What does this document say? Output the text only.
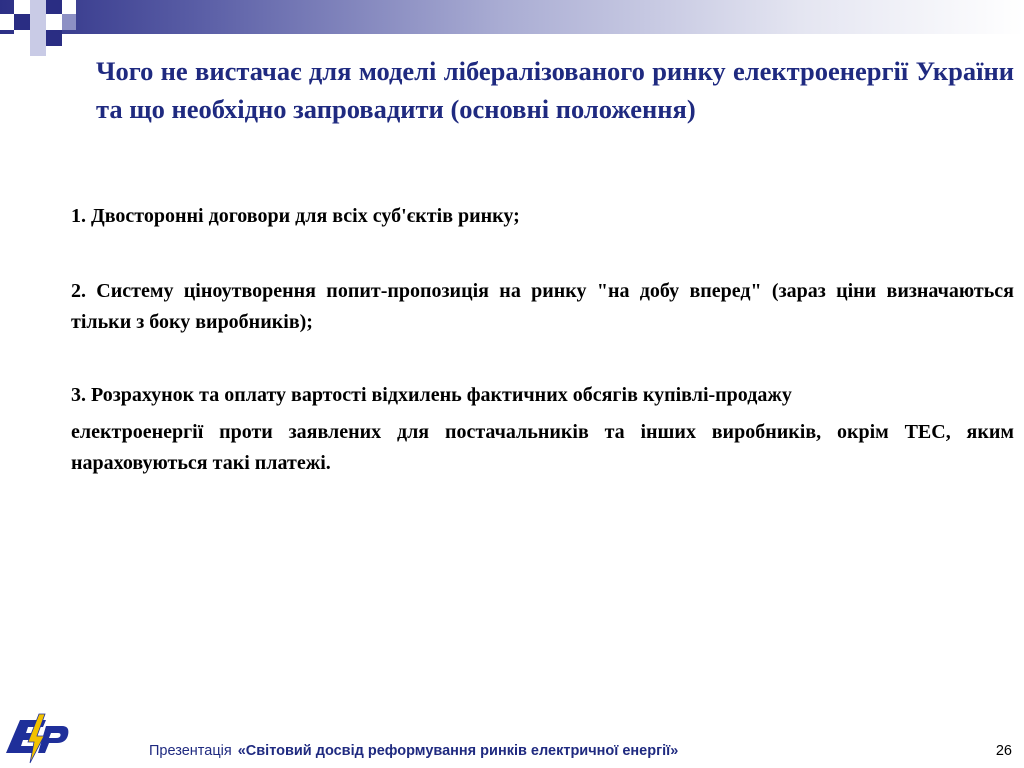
Чого не вистачає для моделі лібералізованого ринку електроенергії України та що необхідно запровадити (основні положення)

1. Двосторонні договори для всіх суб'єктів ринку;

2. Систему ціноутворення попит-пропозиція на ринку "на добу вперед" (зараз ціни визначаються тільки з боку виробників);

3. Розрахунок та оплату вартості відхилень фактичних обсягів купівлі-продажу

електроенергії проти заявлених для постачальників та інших виробників, окрім ТЕС, яким нараховуються такі платежі.

Презентація «Світовий досвід реформування ринків електричної енергії»	26
